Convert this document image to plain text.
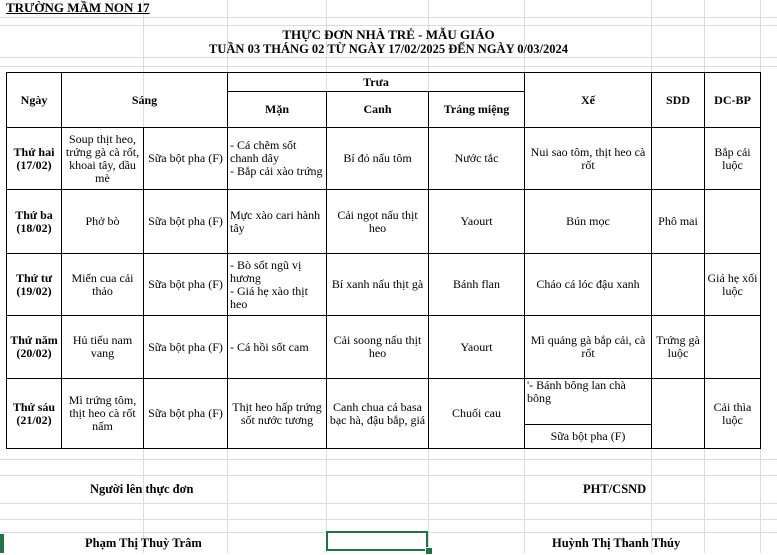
TRƯỜNG MẦM NON 17
THỰC ĐƠN NHÀ TRẺ - MẪU GIÁO
TUẦN 03 THÁNG 02 TỪ NGÀY 17/02/2025 ĐẾN NGÀY 0/03/2024
Ngày	Sáng		Trưa			Xế	SDD	DC-BP
			Mặn	Canh	Tráng miệng			
Thứ hai (17/02)	Soup thịt heo, trứng gà cà rốt, khoai tây, dầu mè	Sữa bột pha (F)	- Cá chẽm sốt chanh dây
- Bắp cải xào trứng	Bí đỏ nấu tôm	Nước tắc	Nui sao tôm, thịt heo cà rốt		Bắp cải luộc
Thứ ba (18/02)	Phở bò	Sữa bột pha (F)	Mực xào cari hành tây	Cải ngọt nấu thịt heo	Yaourt	Bún mọc	Phô mai	
Thứ tư (19/02)	Miến cua cải thảo	Sữa bột pha (F)	- Bò sốt ngũ vị hương
- Giá hẹ xào thịt heo	Bí xanh nấu thịt gà	Bánh flan	Cháo cá lóc đậu xanh		Giá hẹ xối luộc
Thứ năm (20/02)	Hủ tiếu nam vang	Sữa bột pha (F)	- Cá hồi sốt cam	Cải soong nấu thịt heo	Yaourt	Mì quảng gà bắp cải, cà rốt	Trứng gà luộc	
Thứ sáu (21/02)	Mì trứng tôm, thịt heo cà rốt nấm	Sữa bột pha (F)	Thịt heo hấp trứng sốt nước tương	Canh chua cá basa bạc hà, đậu bắp, giá	Chuối cau	'- Bánh bông lan chà bông		Cải thìa luộc
						Sữa bột pha (F)		
Người lên thực đơn	PHT/CSND
Phạm Thị Thuỳ Trâm	Huỳnh Thị Thanh Thúy
